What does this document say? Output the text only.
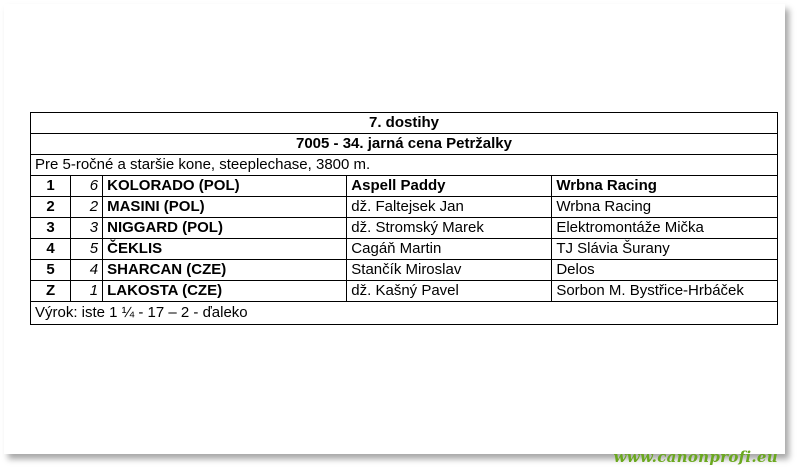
7. dostihy				
7005 - 34. jarná cena Petržalky				
Pre 5-ročné a staršie kone, steeplechase, 3800 m.				
1	6	KOLORADO (POL)	Aspell Paddy	Wrbna Racing
2	2	MASINI (POL)	dž. Faltejsek Jan	Wrbna Racing
3	3	NIGGARD (POL)	dž. Stromský Marek	Elektromontáže Mička
4	5	ČEKLIS	Cagáň Martin	TJ Slávia Šurany
5	4	SHARCAN (CZE)	Stančík Miroslav	Delos
Z	1	LAKOSTA (CZE)	dž. Kašný Pavel	Sorbon M. Bystřice-Hrbáček
Výrok: iste 1 ¼ - 17 – 2 - ďaleko				
www.canonprofi.eu
